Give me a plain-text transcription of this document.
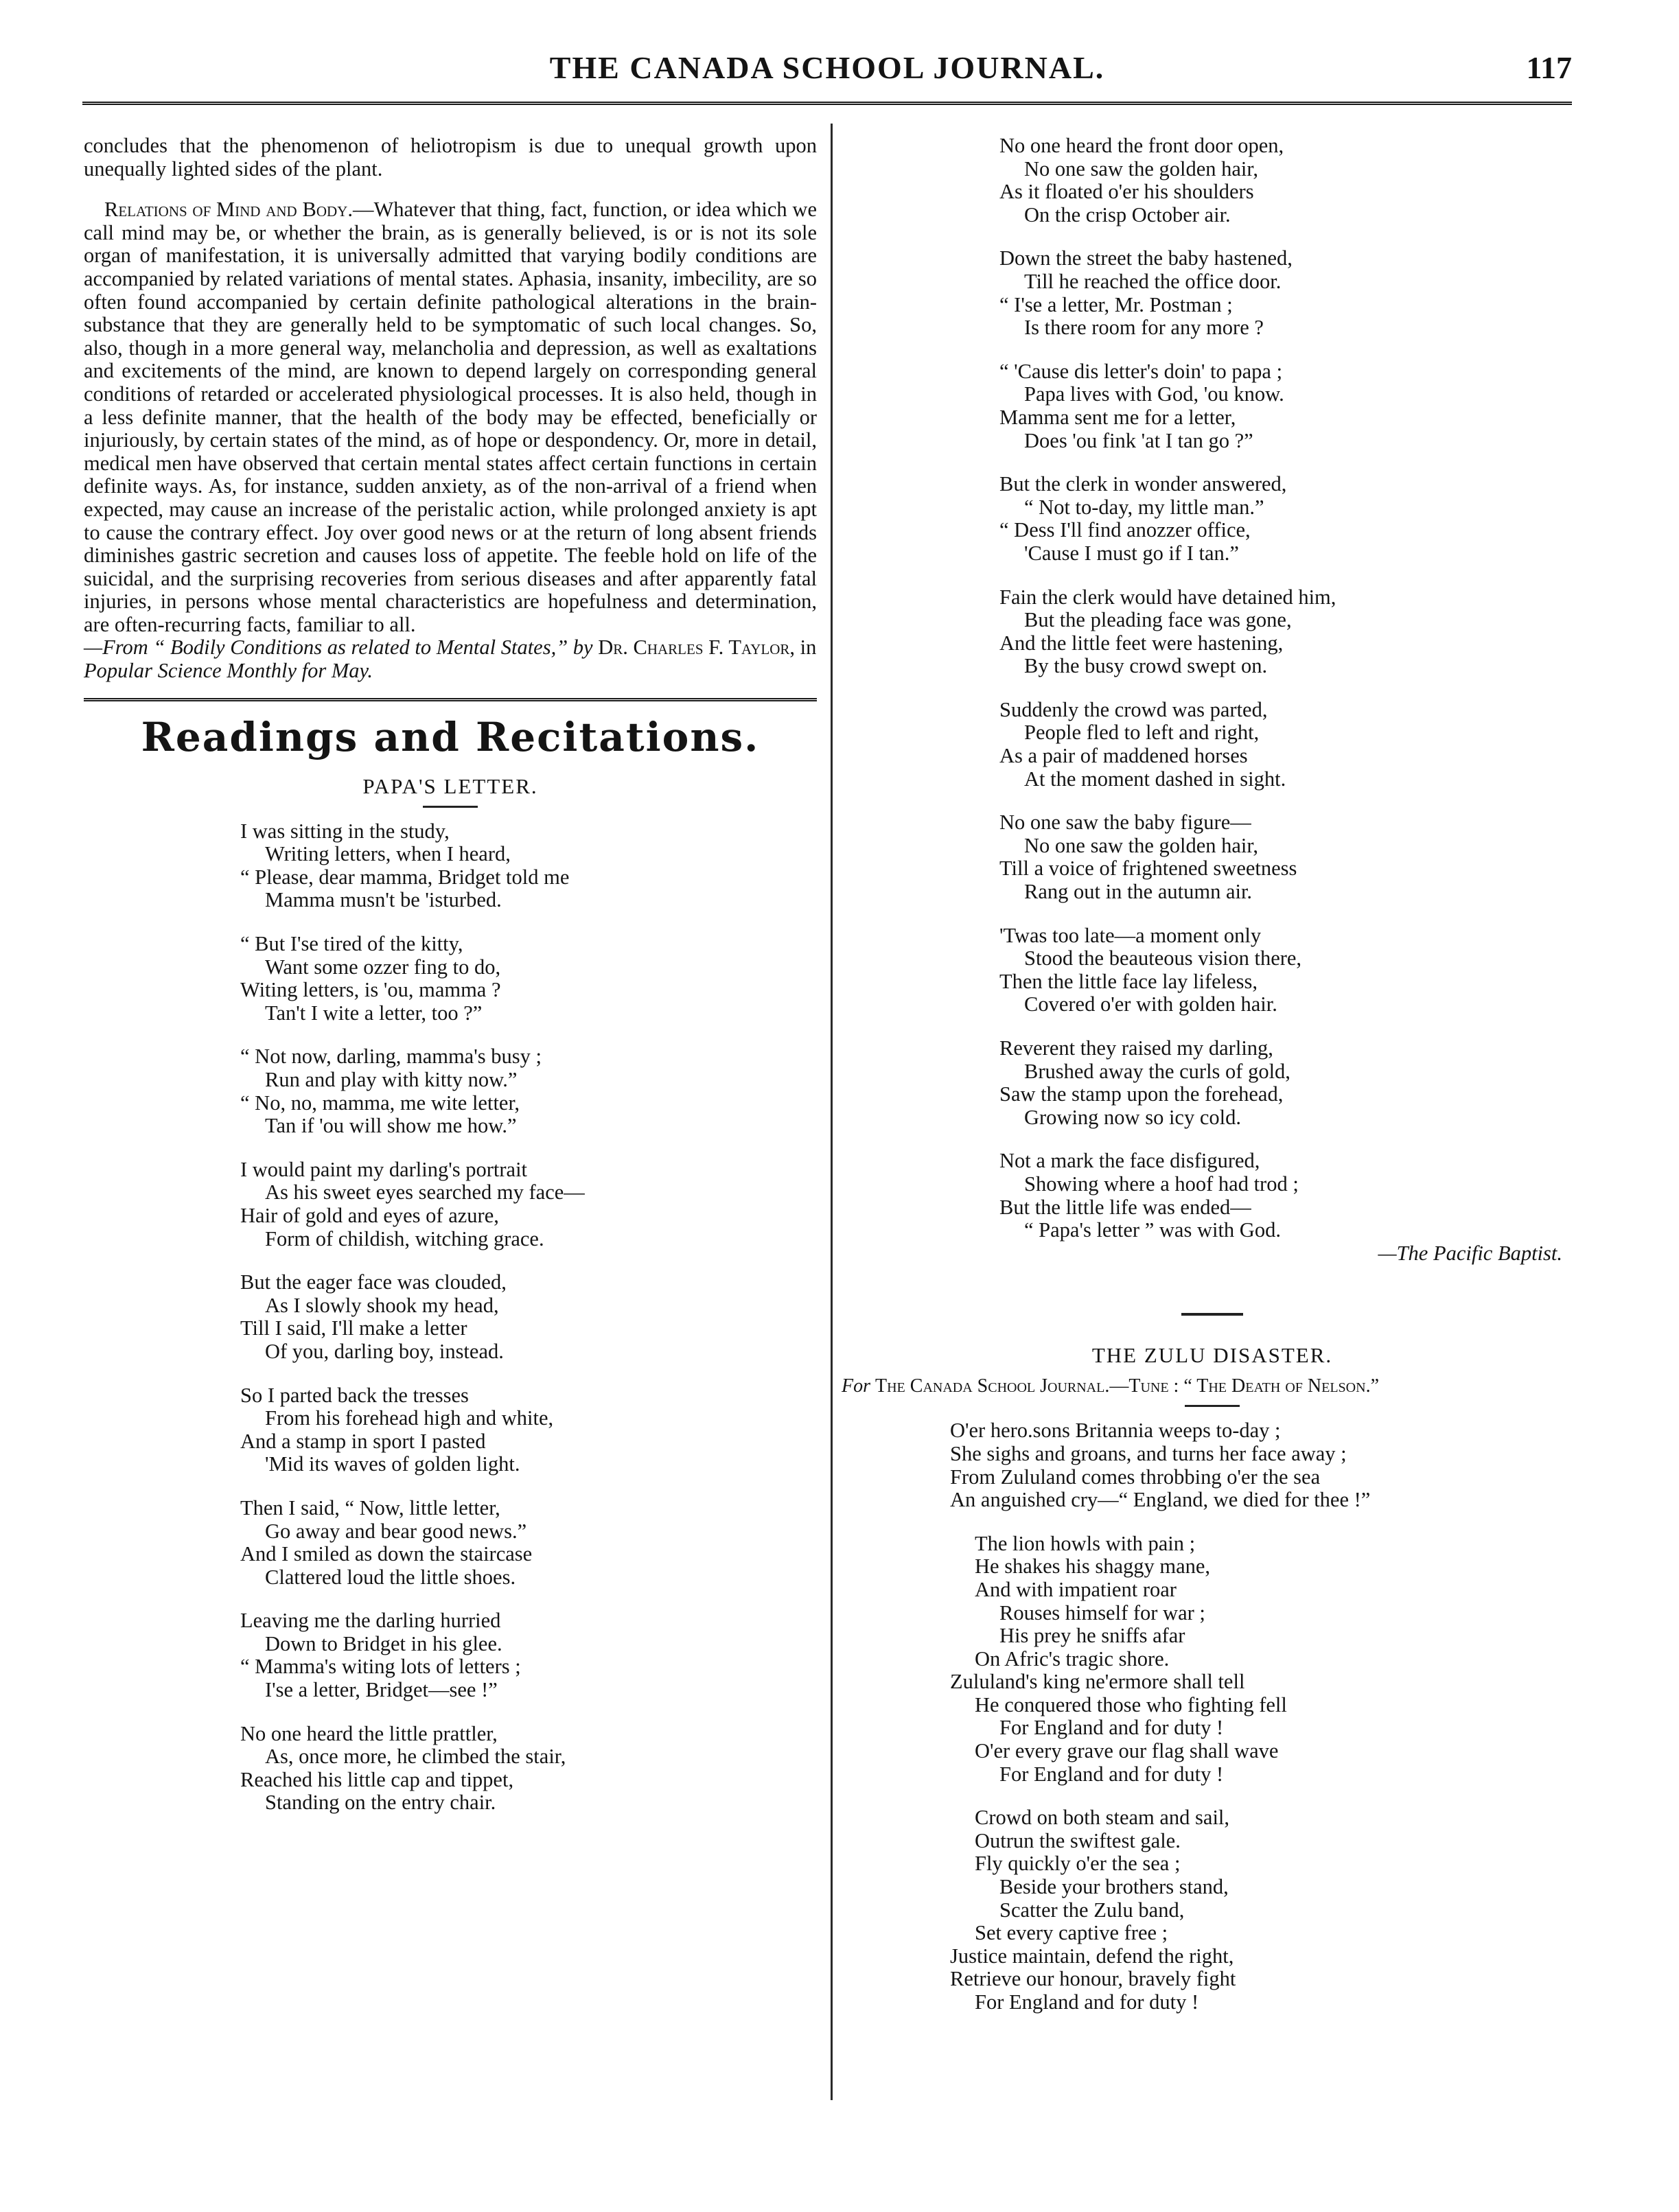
THE CANADA SCHOOL JOURNAL.	117

concludes that the phenomenon of heliotropism is due to unequal growth upon unequally lighted sides of the plant.

Relations of Mind and Body.—Whatever that thing, fact, function, or idea which we call mind may be, or whether the brain, as is generally believed, is or is not its sole organ of manifestation, it is universally admitted that varying bodily conditions are accompanied by related variations of mental states. Aphasia, insanity, imbecility, are so often found accompanied by certain definite pathological alterations in the brain-substance that they are generally held to be symptomatic of such local changes. So, also, though in a more general way, melancholia and depression, as well as exaltations and excitements of the mind, are known to depend largely on corresponding general conditions of retarded or accelerated physiological processes. It is also held, though in a less definite manner, that the health of the body may be effected, beneficially or injuriously, by certain states of the mind, as of hope or despondency. Or, more in detail, medical men have observed that certain mental states affect certain functions in certain definite ways. As, for instance, sudden anxiety, as of the non-arrival of a friend when expected, may cause an increase of the peristalic action, while prolonged anxiety is apt to cause the contrary effect. Joy over good news or at the return of long absent friends diminishes gastric secretion and causes loss of appetite. The feeble hold on life of the suicidal, and the surprising recoveries from serious diseases and after apparently fatal injuries, in persons whose mental characteristics are hopefulness and determination, are often-recurring facts, familiar to all.

—From “ Bodily Conditions as related to Mental States,” by Dr. Charles F. Taylor, in Popular Science Monthly for May.

Readings and Recitations.
PAPA'S LETTER.
I was sitting in the study,
Writing letters, when I heard,
“ Please, dear mamma, Bridget told me
Mamma musn't be 'isturbed.
“ But I'se tired of the kitty,
Want some ozzer fing to do,
Witing letters, is 'ou, mamma ?
Tan't I wite a letter, too ?”
“ Not now, darling, mamma's busy ;
Run and play with kitty now.”
“ No, no, mamma, me wite letter,
Tan if 'ou will show me how.”
I would paint my darling's portrait
As his sweet eyes searched my face—
Hair of gold and eyes of azure,
Form of childish, witching grace.
But the eager face was clouded,
As I slowly shook my head,
Till I said, I'll make a letter
Of you, darling boy, instead.
So I parted back the tresses
From his forehead high and white,
And a stamp in sport I pasted
'Mid its waves of golden light.
Then I said, “ Now, little letter,
Go away and bear good news.”
And I smiled as down the staircase
Clattered loud the little shoes.
Leaving me the darling hurried
Down to Bridget in his glee.
“ Mamma's witing lots of letters ;
I'se a letter, Bridget—see !”
No one heard the little prattler,
As, once more, he climbed the stair,
Reached his little cap and tippet,
Standing on the entry chair.
No one heard the front door open,
No one saw the golden hair,
As it floated o'er his shoulders
On the crisp October air.
Down the street the baby hastened,
Till he reached the office door.
“ I'se a letter, Mr. Postman ;
Is there room for any more ?
“ 'Cause dis letter's doin' to papa ;
Papa lives with God, 'ou know.
Mamma sent me for a letter,
Does 'ou fink 'at I tan go ?”
But the clerk in wonder answered,
“ Not to-day, my little man.”
“ Dess I'll find anozzer office,
'Cause I must go if I tan.”
Fain the clerk would have detained him,
But the pleading face was gone,
And the little feet were hastening,
By the busy crowd swept on.
Suddenly the crowd was parted,
People fled to left and right,
As a pair of maddened horses
At the moment dashed in sight.
No one saw the baby figure—
No one saw the golden hair,
Till a voice of frightened sweetness
Rang out in the autumn air.
'Twas too late—a moment only
Stood the beauteous vision there,
Then the little face lay lifeless,
Covered o'er with golden hair.
Reverent they raised my darling,
Brushed away the curls of gold,
Saw the stamp upon the forehead,
Growing now so icy cold.
Not a mark the face disfigured,
Showing where a hoof had trod ;
But the little life was ended—
“ Papa's letter ” was with God.
—The Pacific Baptist.
THE ZULU DISASTER.
For The Canada School Journal.—Tune : “ The Death of Nelson.”
O'er hero.sons Britannia weeps to-day ;
She sighs and groans, and turns her face away ;
From Zululand comes throbbing o'er the sea
An anguished cry—“ England, we died for thee !”
The lion howls with pain ;
He shakes his shaggy mane,
And with impatient roar
Rouses himself for war ;
His prey he sniffs afar
On Afric's tragic shore.
Zululand's king ne'ermore shall tell
He conquered those who fighting fell
For England and for duty !
O'er every grave our flag shall wave
For England and for duty !
Crowd on both steam and sail,
Outrun the swiftest gale.
Fly quickly o'er the sea ;
Beside your brothers stand,
Scatter the Zulu band,
Set every captive free ;
Justice maintain, defend the right,
Retrieve our honour, bravely fight
For England and for duty !
